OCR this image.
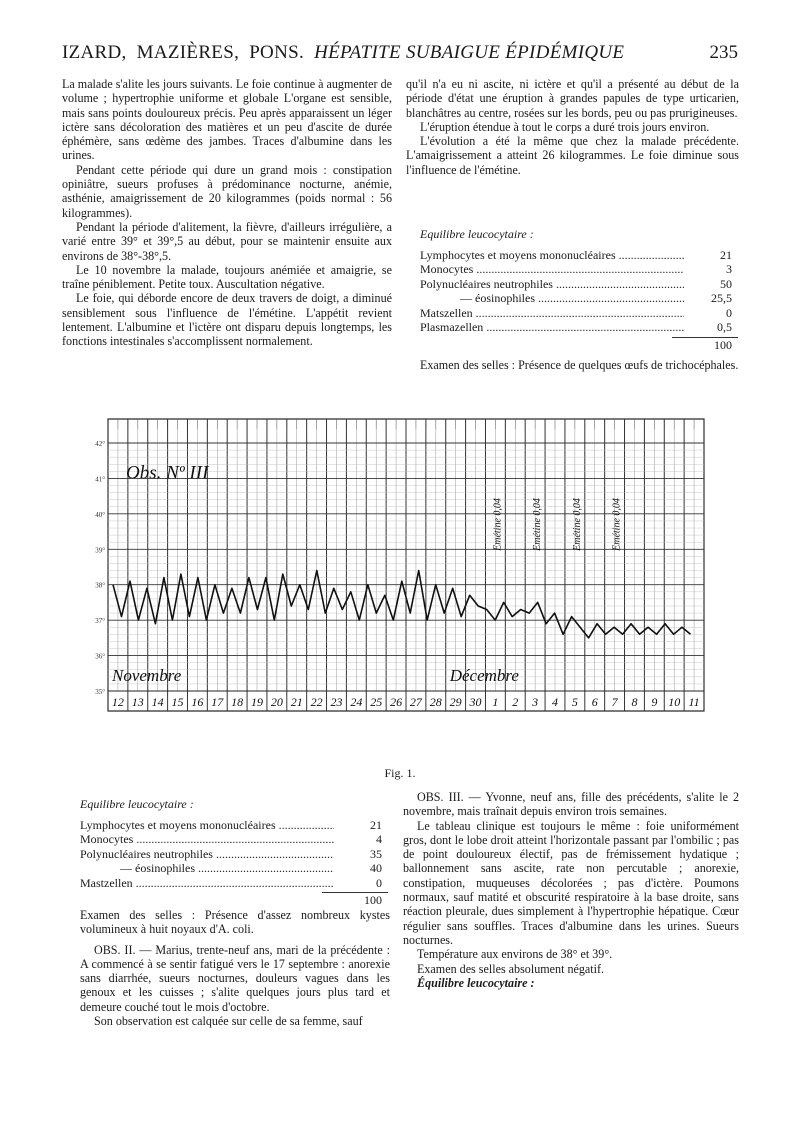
IZARD, MAZIÈRES, PONS. HÉPATITE SUBAIGUE ÉPIDÉMIQUE	235

La malade s'alite les jours suivants. Le foie continue à augmenter de volume ; hypertrophie uniforme et globale L'organe est sensible, mais sans points douloureux précis. Peu après apparaissent un léger ictère sans décoloration des matières et un peu d'ascite de durée éphémère, sans œdème des jambes. Traces d'albumine dans les urines.

Pendant cette période qui dure un grand mois : constipation opiniâtre, sueurs profuses à prédominance nocturne, anémie, asthénie, amaigrissement de 20 kilogrammes (poids normal : 56 kilogrammes).

Pendant la période d'alitement, la fièvre, d'ailleurs irrégulière, a varié entre 39° et 39°,5 au début, pour se maintenir ensuite aux environs de 38°-38°,5.

Le 10 novembre la malade, toujours anémiée et amaigrie, se traîne péniblement. Petite toux. Auscultation négative.

Le foie, qui déborde encore de deux travers de doigt, a diminué sensiblement sous l'influence de l'émétine. L'appétit revient lentement. L'albumine et l'ictère ont disparu depuis longtemps, les fonctions intestinales s'accomplissent normalement.

qu'il n'a eu ni ascite, ni ictère et qu'il a présenté au début de la période d'état une éruption à grandes papules de type urticarien, blanchâtres au centre, rosées sur les bords, peu ou pas prurigineuses.

L'éruption étendue à tout le corps a duré trois jours environ.

L'évolution a été la même que chez la malade précédente. L'amaigrissement a atteint 26 kilogrammes. Le foie diminue sous l'influence de l'émétine.

Equilibre leucocytaire :
Lymphocytes et moyens mononucléaires .....	21
Monocytes .....	3
Polynucléaires neutrophiles .....	50
— éosinophiles .....	25,5
Matszellen .....	0
Plasmazellen .....	0,5
100

Examen des selles : Présence de quelques œufs de trichocéphales.

42°
41°
40°
39°
38°
37°
36°
35°
12 13 14 15 16 17 18 19 20 21 22 23 24 25 26 27 28 29 30 1 2 3 4 5 6 7 8 9 10 11
Obs. Nº III
Novembre	Décembre
Emétine 0,04	Emétine 0,04	Emétine 0,04	Emétine 0,04
Fig. 1.
Equilibre leucocytaire :
Lymphocytes et moyens mononucléaires .....	21
Monocytes .....	4
Polynucléaires neutrophiles .....	35
— éosinophiles .....	40
Mastzellen .....	0
100

Examen des selles : Présence d'assez nombreux kystes volumineux à huit noyaux d'A. coli.

OBS. II. — Marius, trente-neuf ans, mari de la précédente : A commencé à se sentir fatigué vers le 17 septembre : anorexie sans diarrhée, sueurs nocturnes, douleurs vagues dans les genoux et les cuisses ; s'alite quelques jours plus tard et demeure couché tout le mois d'octobre.

Son observation est calquée sur celle de sa femme, sauf

OBS. III. — Yvonne, neuf ans, fille des précédents, s'alite le 2 novembre, mais traînait depuis environ trois semaines.

Le tableau clinique est toujours le même : foie uniformément gros, dont le lobe droit atteint l'horizontale passant par l'ombilic ; pas de point douloureux électif, pas de frémissement hydatique ; ballonnement sans ascite, rate non percutable ; anorexie, constipation, muqueuses décolorées ; pas d'ictère. Poumons normaux, sauf matité et obscurité respiratoire à la base droite, sans réaction pleurale, dues simplement à l'hypertrophie hépatique. Cœur régulier sans souffles. Traces d'albumine dans les urines. Sueurs nocturnes.

Température aux environs de 38° et 39°.

Examen des selles absolument négatif.

Équilibre leucocytaire :
